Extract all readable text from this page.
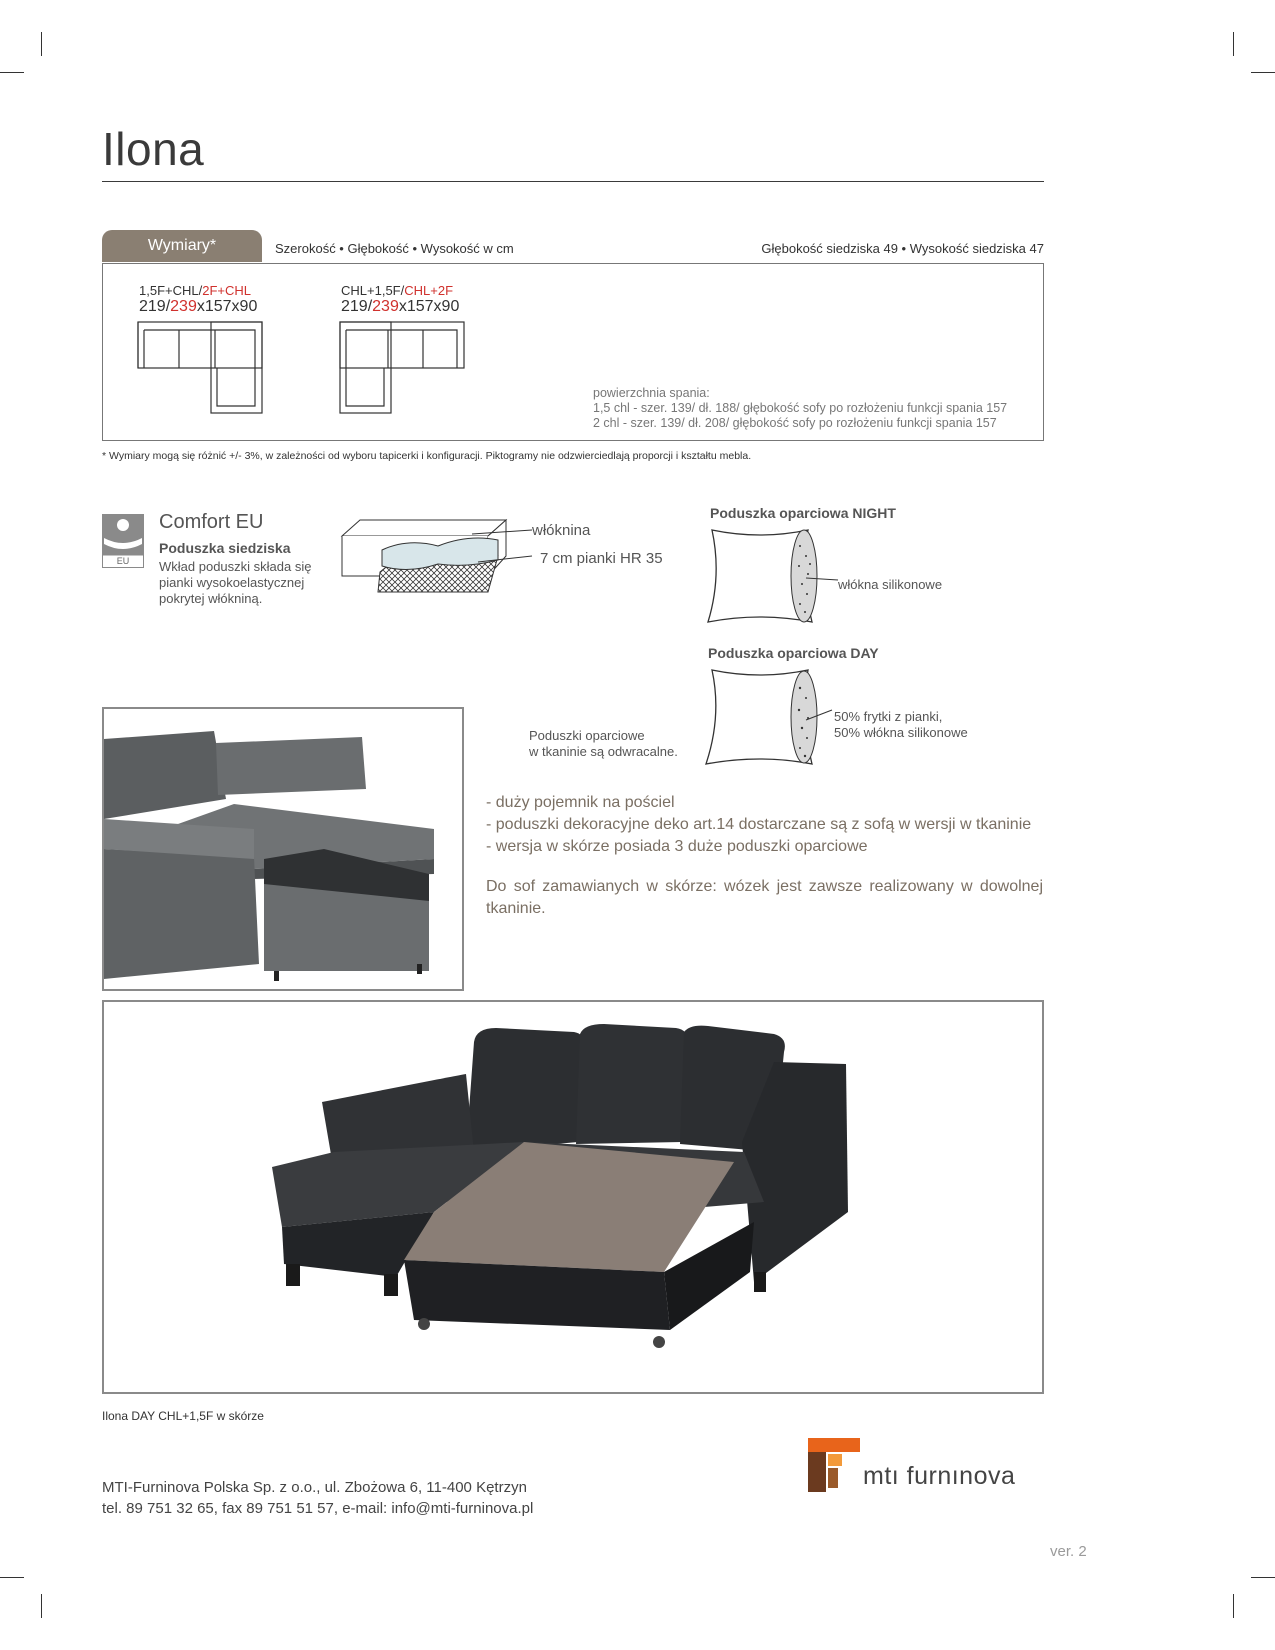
Ilona
Wymiary*	Szerokość • Głębokość • Wysokość w cm	Głębokość siedziska 49 • Wysokość siedziska 47
1,5F+CHL/2F+CHL
219/239x157x90
CHL+1,5F/CHL+2F
219/239x157x90
powierzchnia spania:
1,5 chl - szer. 139/ dł. 188/ głębokość sofy po rozłożeniu funkcji spania 157
2 chl - szer. 139/ dł. 208/ głębokość sofy po rozłożeniu funkcji spania 157
* Wymiary mogą się różnić +/- 3%, w zależności od wyboru tapicerki i konfiguracji. Piktogramy nie odzwierciedlają proporcji i kształtu mebla.
EU
Comfort EU
Poduszka siedziska
Wkład poduszki składa się
pianki wysokoelastycznej
pokrytej włókniną.
włóknina
7 cm pianki HR 35
Poduszka oparciowa NIGHT
włókna silikonowe
Poduszka oparciowa DAY
50% frytki z pianki,
50% włókna silikonowe
Poduszki oparciowe
w tkaninie są odwracalne.
- duży pojemnik na pościel
- poduszki dekoracyjne deko art.14 dostarczane są z sofą w wersji w tkaninie
- wersja w skórze posiada 3 duże poduszki oparciowe
Do sof zamawianych w skórze: wózek jest zawsze realizowany w dowolnej tkaninie.
Ilona DAY CHL+1,5F w skórze
MTI-Furninova Polska Sp. z o.o., ul. Zbożowa 6, 11-400 Kętrzyn
tel. 89 751 32 65, fax 89 751 51 57, e-mail: info@mti-furninova.pl
mtı furnınova
ver. 2
